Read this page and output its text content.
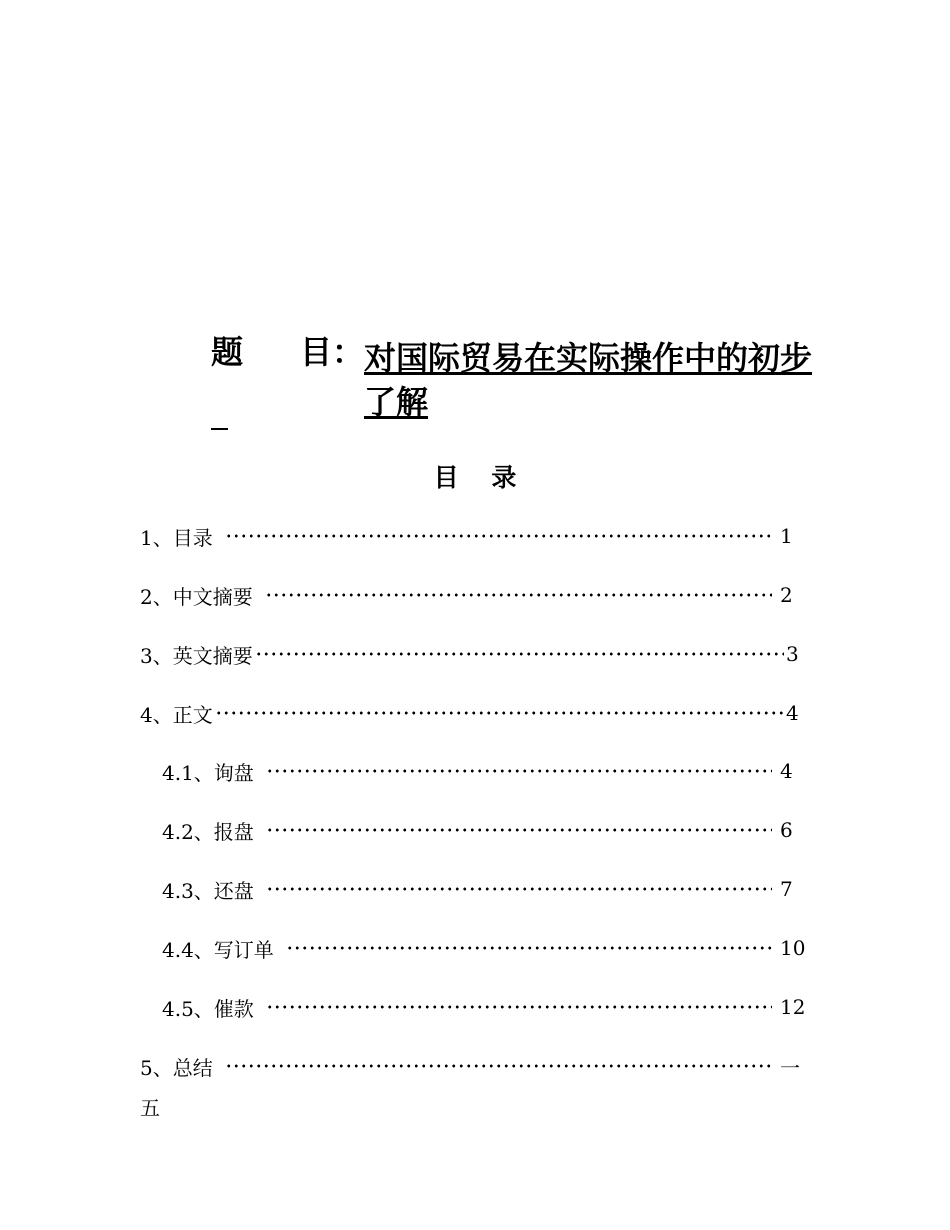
题 目： 对国际贸易在实际操作中的初步了解
目 录
1、目录	1
2、中文摘要	2
3、英文摘要	3
4、正文	4
4.1、询盘	4
4.2、报盘	6
4.3、还盘	7
4.4、写订单	10
4.5、催款	12
5、总结	一
五
